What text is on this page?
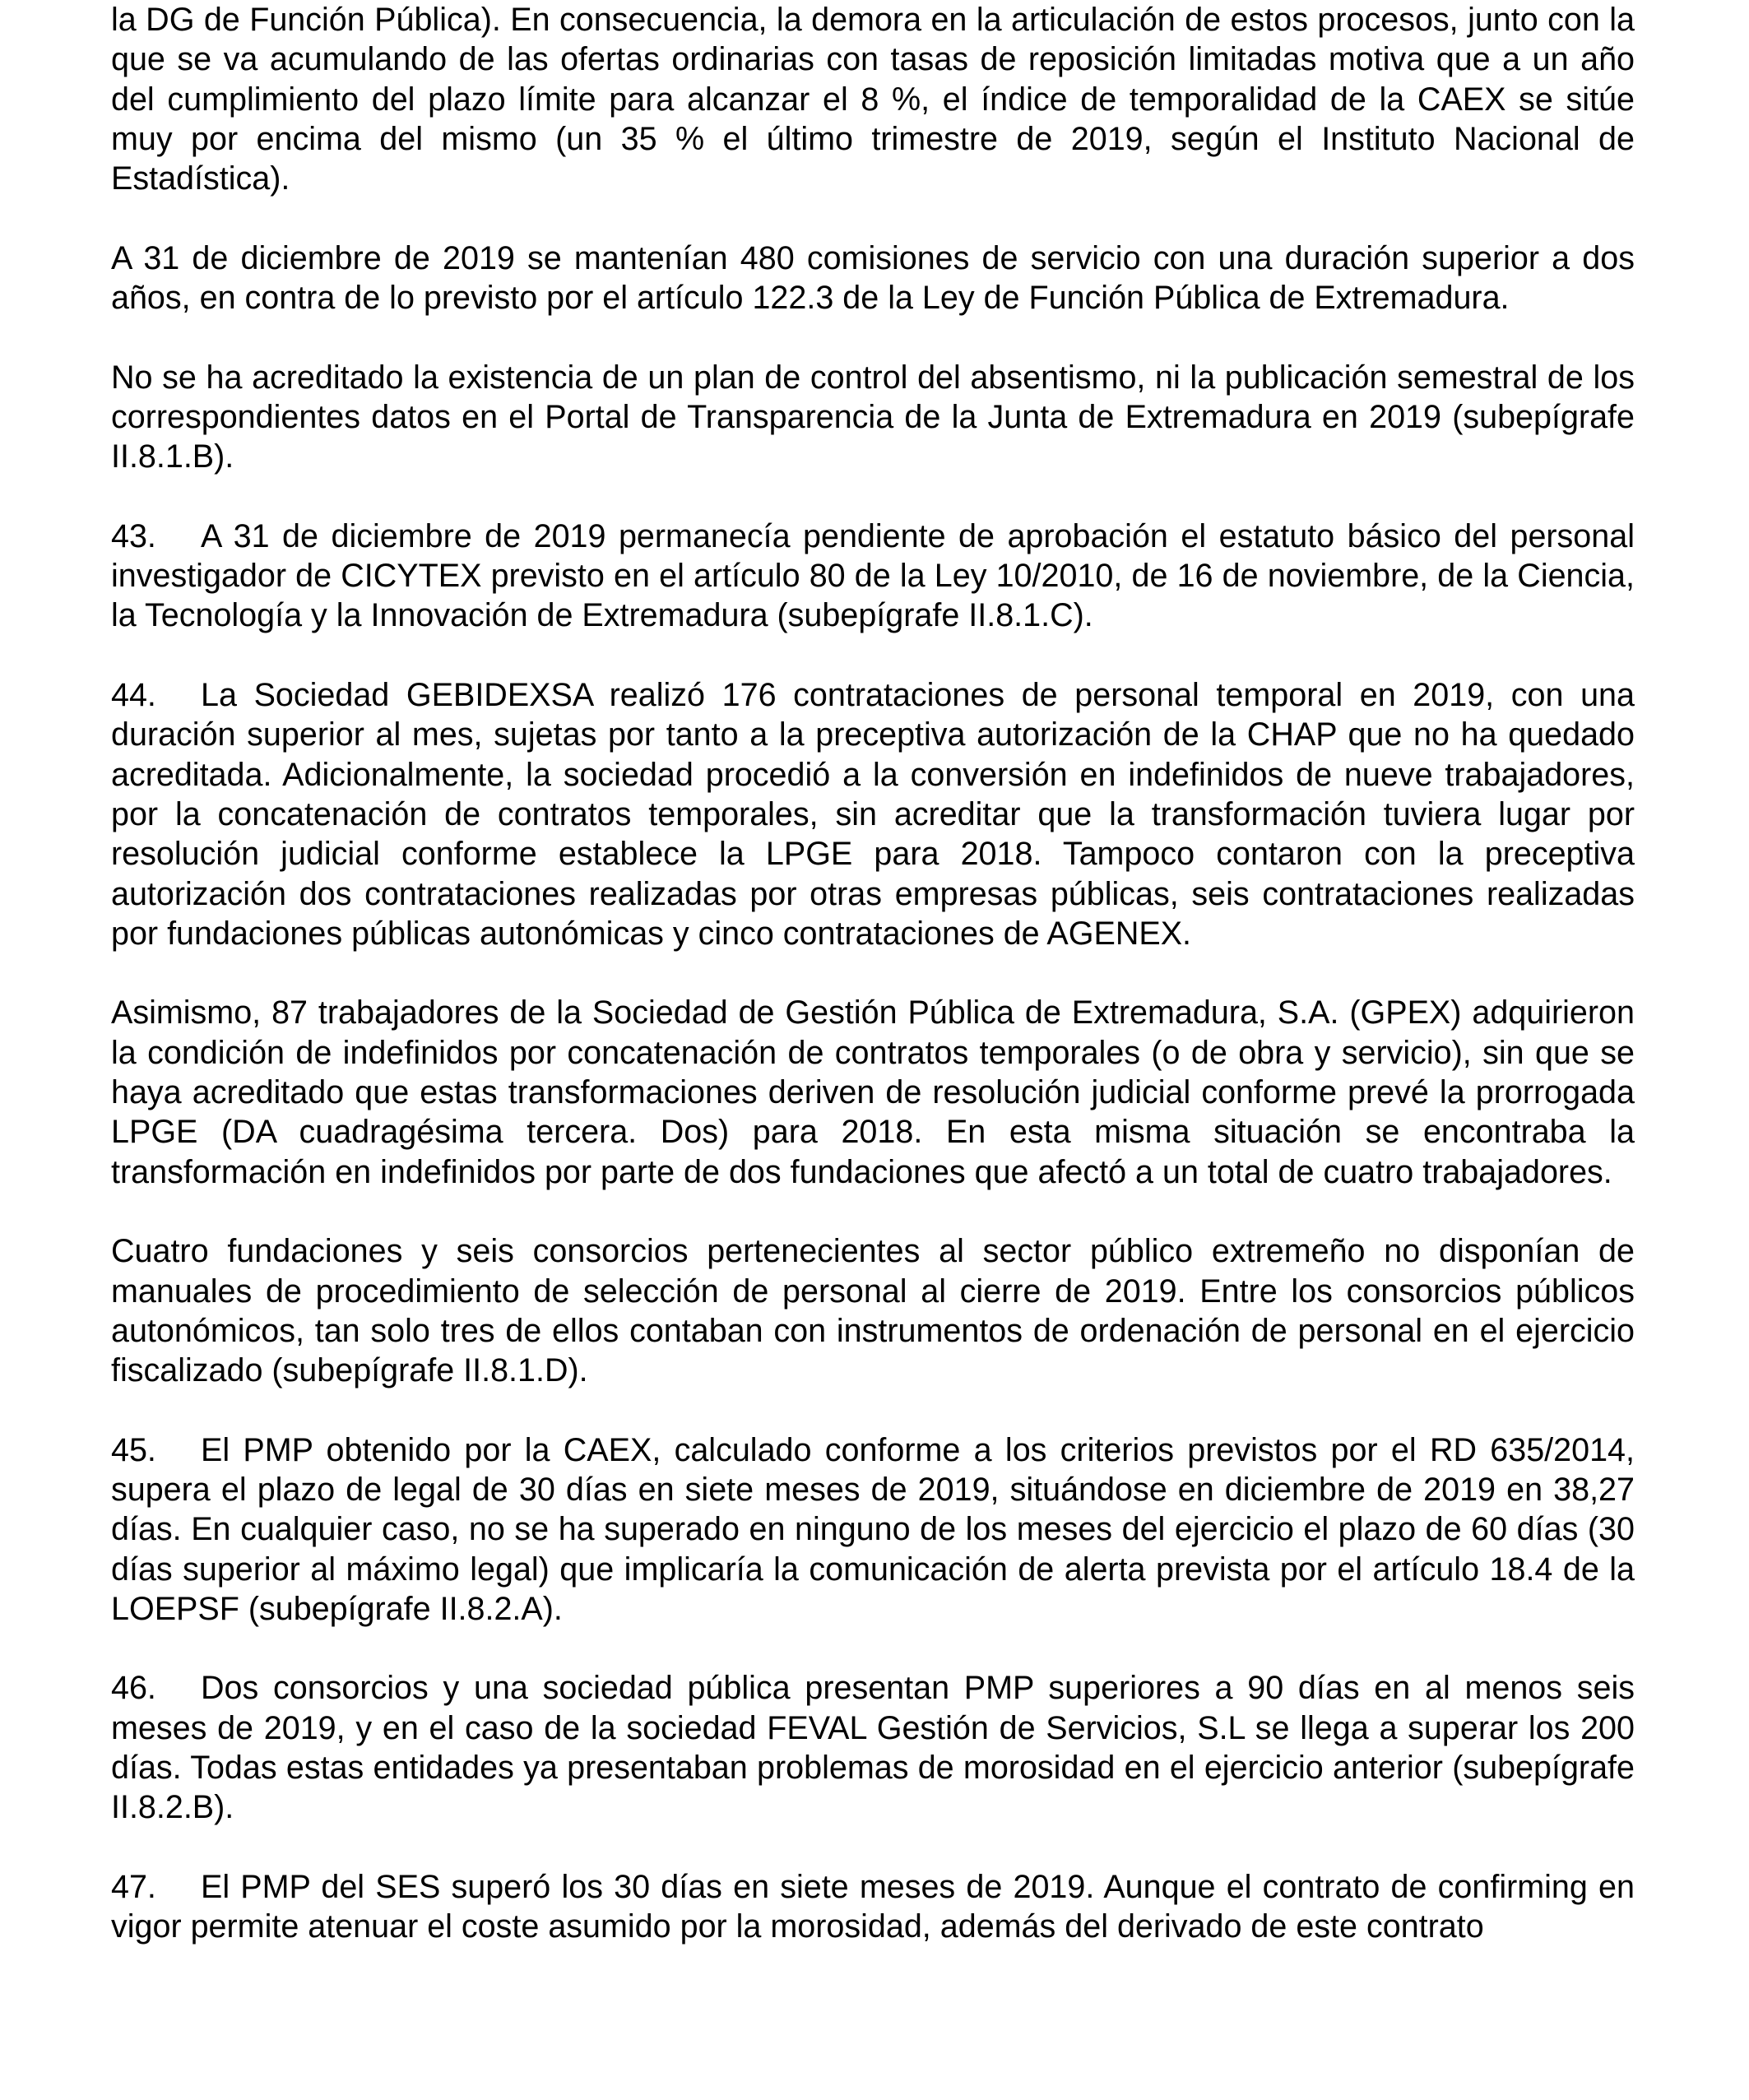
la DG de Función Pública). En consecuencia, la demora en la articulación de estos procesos, junto con la que se va acumulando de las ofertas ordinarias con tasas de reposición limitadas motiva que a un año del cumplimiento del plazo límite para alcanzar el 8 %, el índice de temporalidad de la CAEX se sitúe muy por encima del mismo (un 35 % el último trimestre de 2019, según el Instituto Nacional de Estadística).

A 31 de diciembre de 2019 se mantenían 480 comisiones de servicio con una duración superior a dos años, en contra de lo previsto por el artículo 122.3 de la Ley de Función Pública de Extremadura.

No se ha acreditado la existencia de un plan de control del absentismo, ni la publicación semestral de los correspondientes datos en el Portal de Transparencia de la Junta de Extremadura en 2019 (subepígrafe II.8.1.B).

43. A 31 de diciembre de 2019 permanecía pendiente de aprobación el estatuto básico del personal investigador de CICYTEX previsto en el artículo 80 de la Ley 10/2010, de 16 de noviembre, de la Ciencia, la Tecnología y la Innovación de Extremadura (subepígrafe II.8.1.C).

44. La Sociedad GEBIDEXSA realizó 176 contrataciones de personal temporal en 2019, con una duración superior al mes, sujetas por tanto a la preceptiva autorización de la CHAP que no ha quedado acreditada. Adicionalmente, la sociedad procedió a la conversión en indefinidos de nueve trabajadores, por la concatenación de contratos temporales, sin acreditar que la transformación tuviera lugar por resolución judicial conforme establece la LPGE para 2018. Tampoco contaron con la preceptiva autorización dos contrataciones realizadas por otras empresas públicas, seis contrataciones realizadas por fundaciones públicas autonómicas y cinco contrataciones de AGENEX.

Asimismo, 87 trabajadores de la Sociedad de Gestión Pública de Extremadura, S.A. (GPEX) adquirieron la condición de indefinidos por concatenación de contratos temporales (o de obra y servicio), sin que se haya acreditado que estas transformaciones deriven de resolución judicial conforme prevé la prorrogada LPGE (DA cuadragésima tercera. Dos) para 2018. En esta misma situación se encontraba la transformación en indefinidos por parte de dos fundaciones que afectó a un total de cuatro trabajadores.

Cuatro fundaciones y seis consorcios pertenecientes al sector público extremeño no disponían de manuales de procedimiento de selección de personal al cierre de 2019. Entre los consorcios públicos autonómicos, tan solo tres de ellos contaban con instrumentos de ordenación de personal en el ejercicio fiscalizado (subepígrafe II.8.1.D).

45. El PMP obtenido por la CAEX, calculado conforme a los criterios previstos por el RD 635/2014, supera el plazo de legal de 30 días en siete meses de 2019, situándose en diciembre de 2019 en 38,27 días. En cualquier caso, no se ha superado en ninguno de los meses del ejercicio el plazo de 60 días (30 días superior al máximo legal) que implicaría la comunicación de alerta prevista por el artículo 18.4 de la LOEPSF (subepígrafe II.8.2.A).

46. Dos consorcios y una sociedad pública presentan PMP superiores a 90 días en al menos seis meses de 2019, y en el caso de la sociedad FEVAL Gestión de Servicios, S.L se llega a superar los 200 días. Todas estas entidades ya presentaban problemas de morosidad en el ejercicio anterior (subepígrafe II.8.2.B).

47. El PMP del SES superó los 30 días en siete meses de 2019. Aunque el contrato de confirming en vigor permite atenuar el coste asumido por la morosidad, además del derivado de este contrato
